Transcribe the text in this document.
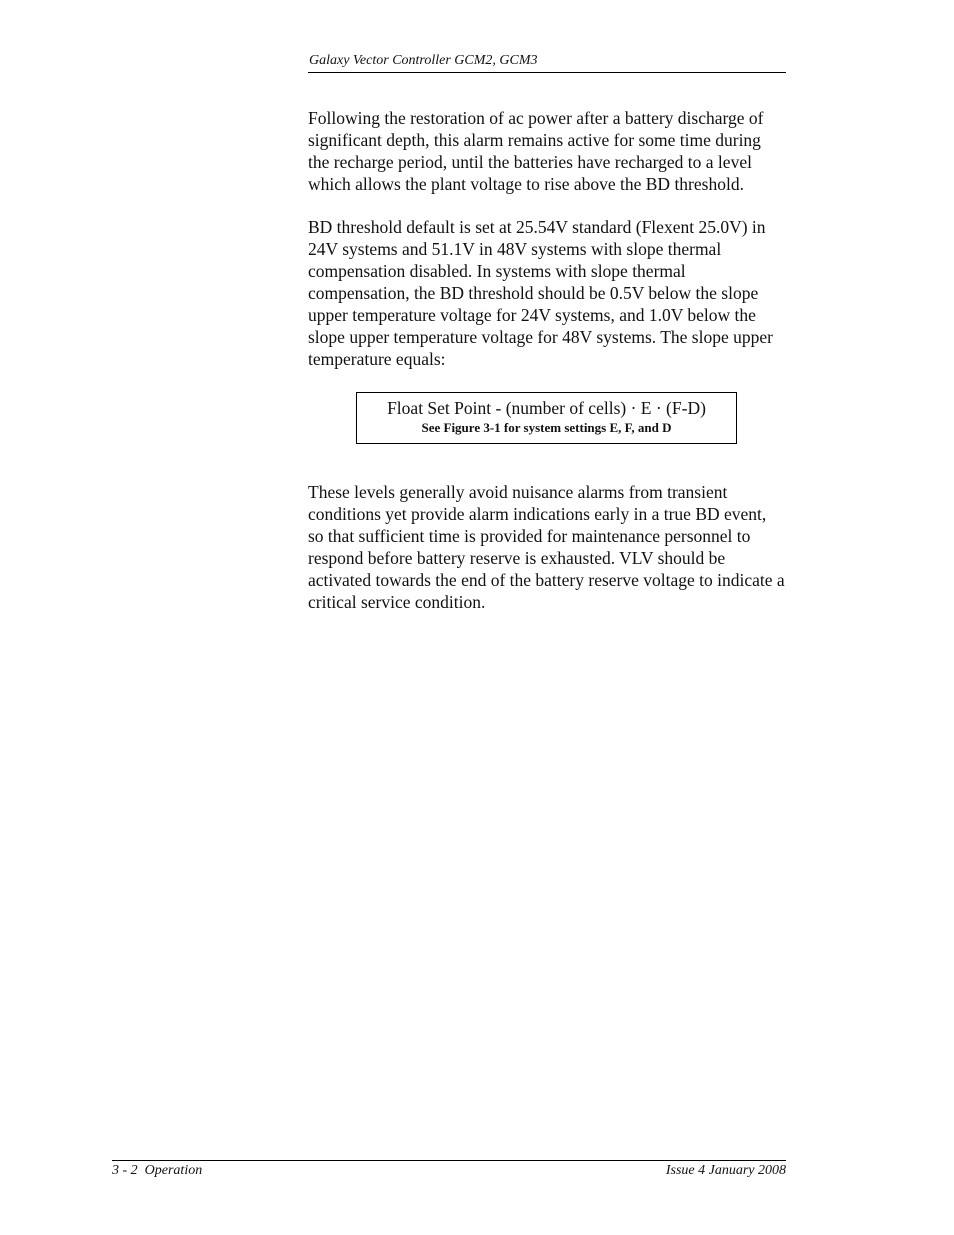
Galaxy Vector Controller GCM2, GCM3

Following the restoration of ac power after a battery discharge of significant depth, this alarm remains active for some time during the recharge period, until the batteries have recharged to a level which allows the plant voltage to rise above the BD threshold.

BD threshold default is set at 25.54V standard (Flexent 25.0V) in 24V systems and 51.1V in 48V systems with slope thermal compensation disabled. In systems with slope thermal compensation, the BD threshold should be 0.5V below the slope upper temperature voltage for 24V systems, and 1.0V below the slope upper temperature voltage for 48V systems. The slope upper temperature equals:

Float Set Point - (number of cells) · E · (F-D)
See Figure 3-1 for system settings E, F, and D

These levels generally avoid nuisance alarms from transient conditions yet provide alarm indications early in a true BD event, so that sufficient time is provided for maintenance personnel to respond before battery reserve is exhausted. VLV should be activated towards the end of the battery reserve voltage to indicate a critical service condition.

3 - 2  Operation	Issue 4 January 2008
